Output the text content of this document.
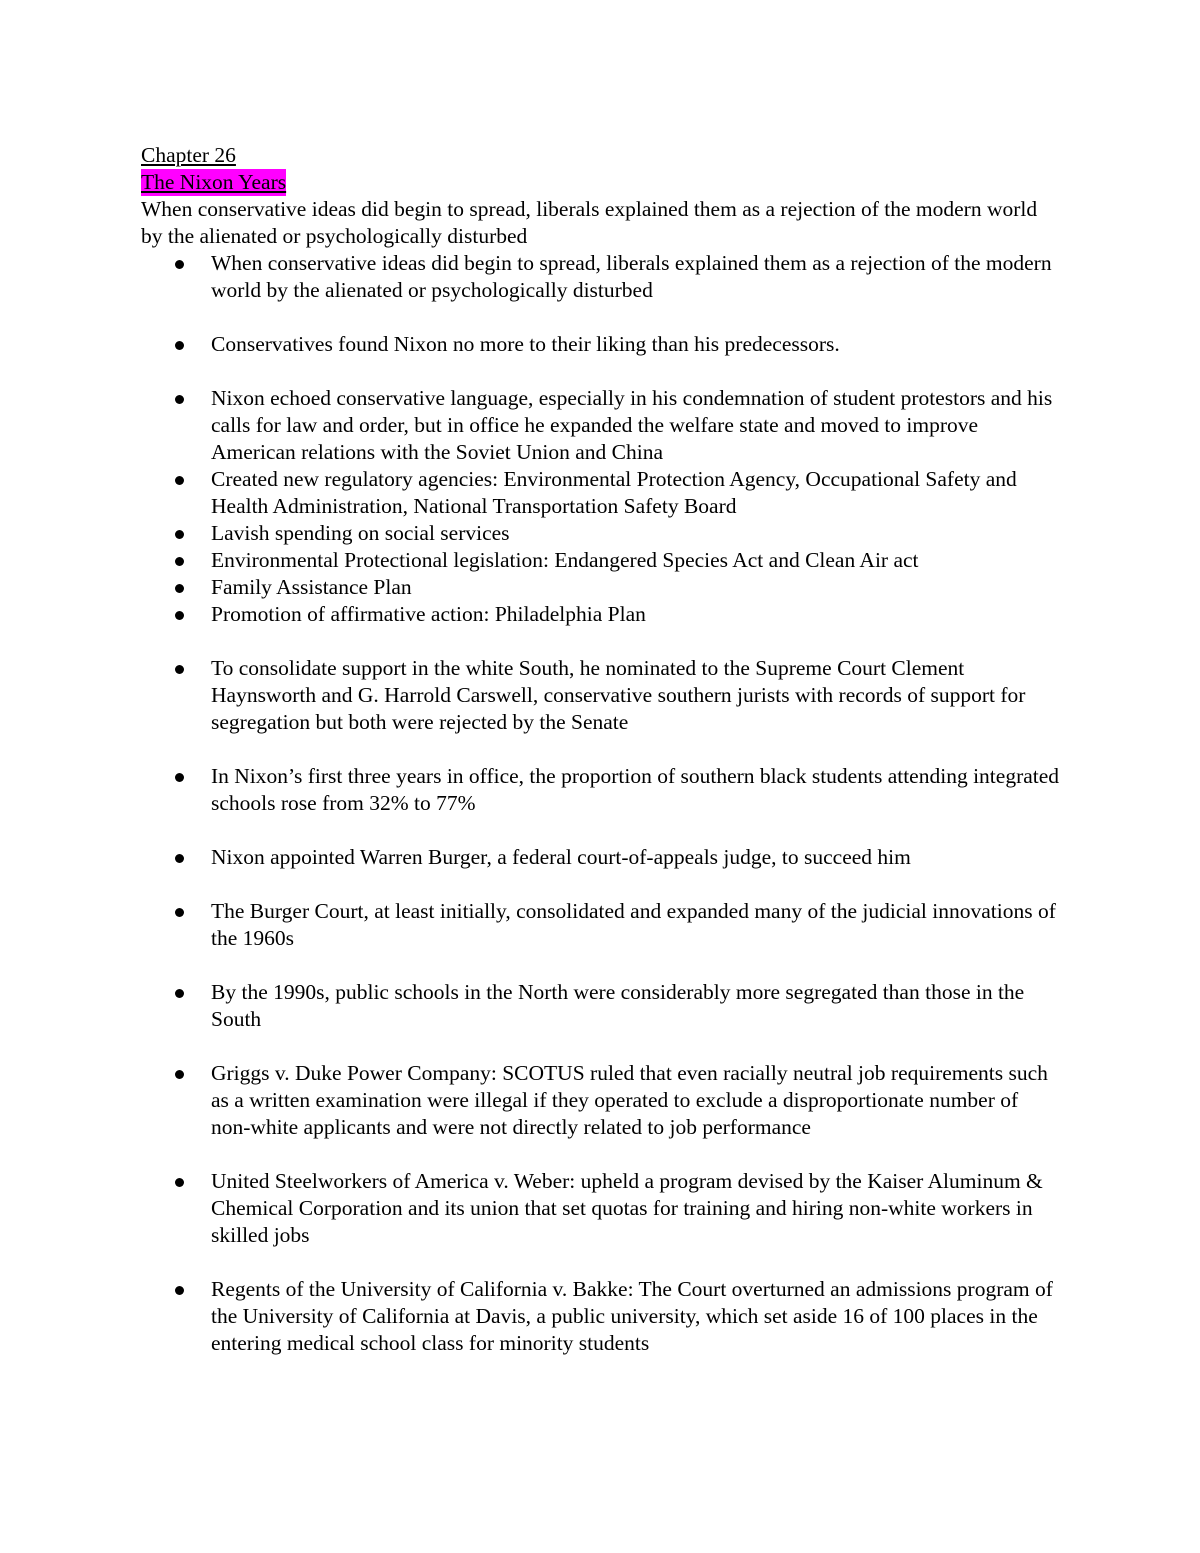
Chapter 26
The Nixon Years

When conservative ideas did begin to spread, liberals explained them as a rejection of the modern world by the alienated or psychologically disturbed

When conservative ideas did begin to spread, liberals explained them as a rejection of the modern world by the alienated or psychologically disturbed
Conservatives found Nixon no more to their liking than his predecessors.
Nixon echoed conservative language, especially in his condemnation of student protestors and his calls for law and order, but in office he expanded the welfare state and moved to improve American relations with the Soviet Union and China
Created new regulatory agencies: Environmental Protection Agency, Occupational Safety and Health Administration, National Transportation Safety Board
Lavish spending on social services
Environmental Protectional legislation: Endangered Species Act and Clean Air act
Family Assistance Plan
Promotion of affirmative action: Philadelphia Plan
To consolidate support in the white South, he nominated to the Supreme Court Clement Haynsworth and G. Harrold Carswell, conservative southern jurists with records of support for segregation but both were rejected by the Senate
In Nixon’s first three years in office, the proportion of southern black students attending integrated schools rose from 32% to 77%
Nixon appointed Warren Burger, a federal court-of-appeals judge, to succeed him
The Burger Court, at least initially, consolidated and expanded many of the judicial innovations of the 1960s
By the 1990s, public schools in the North were considerably more segregated than those in the South
Griggs v. Duke Power Company: SCOTUS ruled that even racially neutral job requirements such as a written examination were illegal if they operated to exclude a disproportionate number of non-white applicants and were not directly related to job performance
United Steelworkers of America v. Weber: upheld a program devised by the Kaiser Aluminum & Chemical Corporation and its union that set quotas for training and hiring non-white workers in skilled jobs
Regents of the University of California v. Bakke: The Court overturned an admissions program of the University of California at Davis, a public university, which set aside 16 of 100 places in the entering medical school class for minority students
